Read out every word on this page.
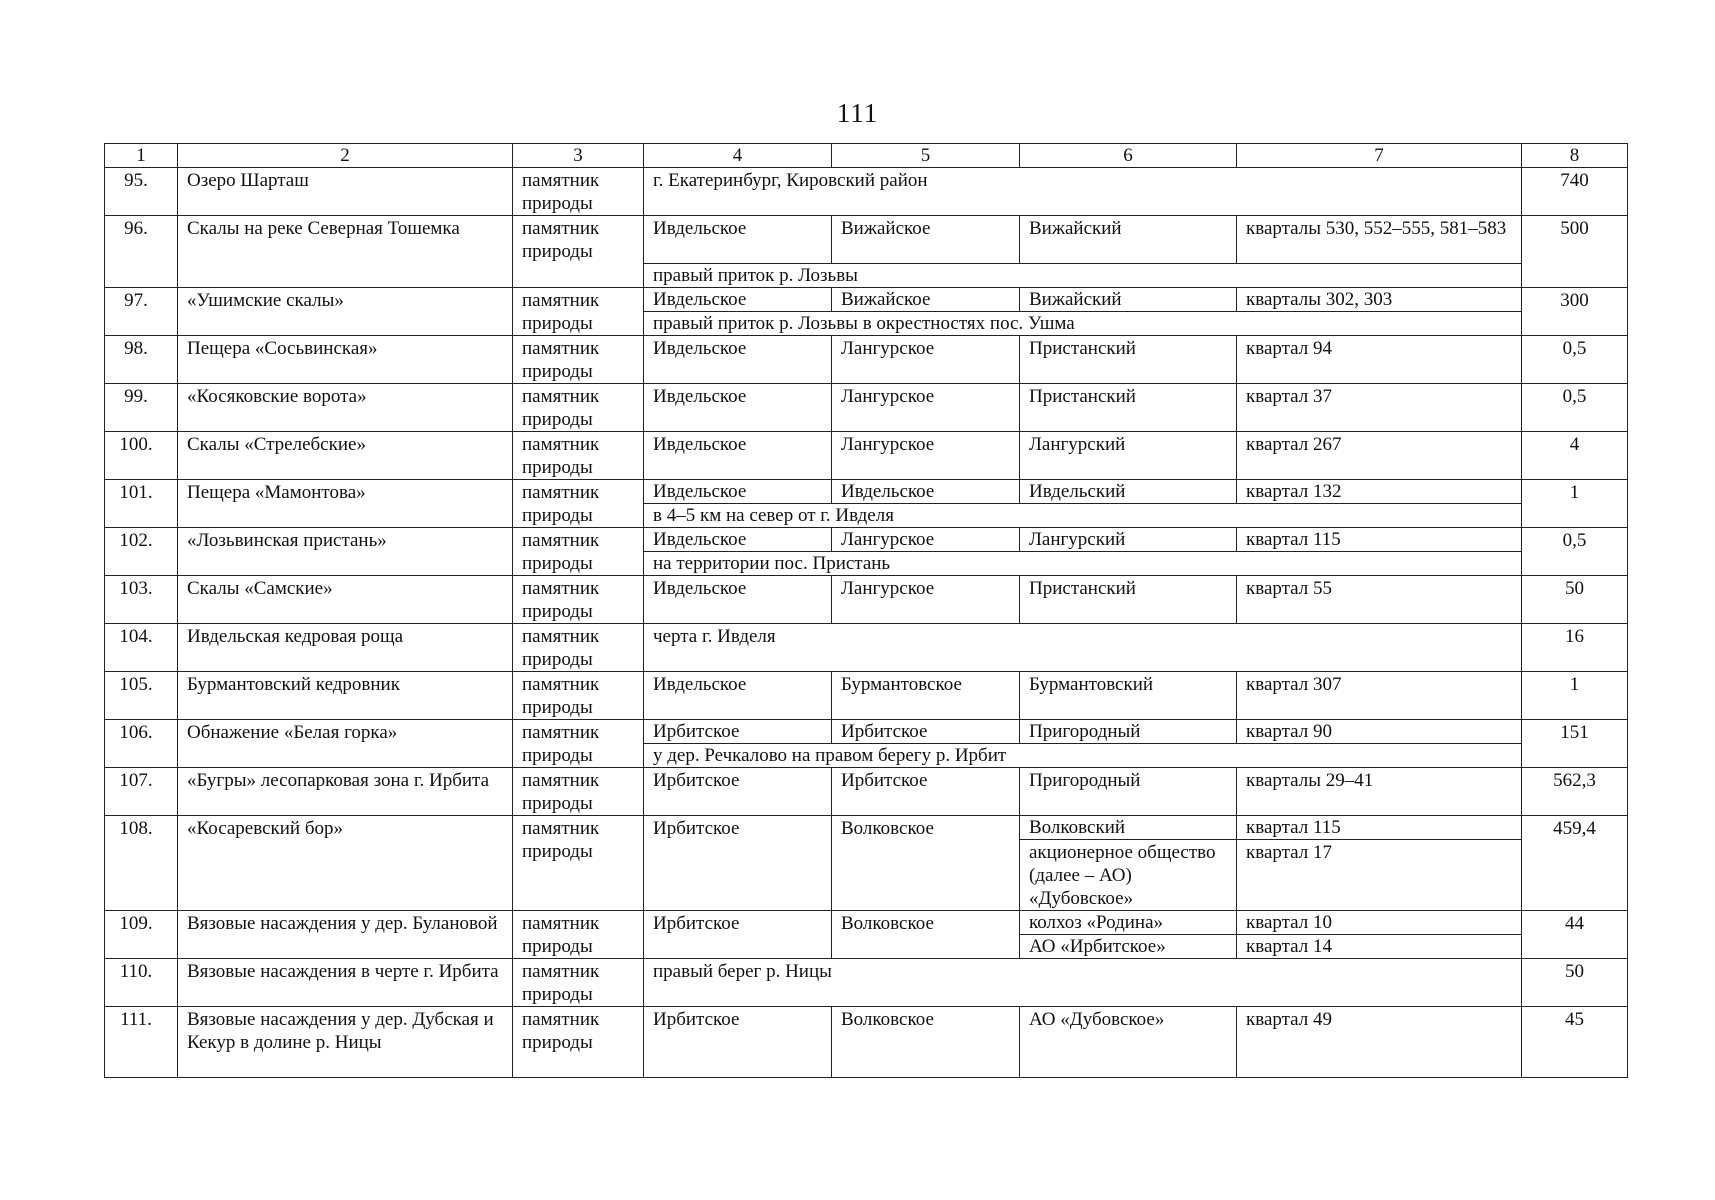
111
1	2	3	4	5	6	7	8
95.	Озеро Шарташ	памятник природы	г. Екатеринбург, Кировский район				740
96.	Скалы на реке Северная Тошемка	памятник природы	Ивдельское	Вижайское	Вижайский	кварталы 530, 552–555, 581–583	500
			правый приток р. Лозьвы				
97.	«Ушимские скалы»	памятник природы	Ивдельское	Вижайское	Вижайский	кварталы 302, 303	300
			правый приток р. Лозьвы в окрестностях пос. Ушма				
98.	Пещера «Сосьвинская»	памятник природы	Ивдельское	Лангурское	Пристанский	квартал 94	0,5
99.	«Косяковские ворота»	памятник природы	Ивдельское	Лангурское	Пристанский	квартал 37	0,5
100.	Скалы «Стрелебские»	памятник природы	Ивдельское	Лангурское	Лангурский	квартал 267	4
101.	Пещера «Мамонтова»	памятник природы	Ивдельское	Ивдельское	Ивдельский	квартал 132	1
			в 4–5 км на север от г. Ивделя				
102.	«Лозьвинская пристань»	памятник природы	Ивдельское	Лангурское	Лангурский	квартал 115	0,5
			на территории пос. Пристань				
103.	Скалы «Самские»	памятник природы	Ивдельское	Лангурское	Пристанский	квартал 55	50
104.	Ивдельская кедровая роща	памятник природы	черта г. Ивделя				16
105.	Бурмантовский кедровник	памятник природы	Ивдельское	Бурмантовское	Бурмантовский	квартал 307	1
106.	Обнажение «Белая горка»	памятник природы	Ирбитское	Ирбитское	Пригородный	квартал 90	151
			у дер. Речкалово на правом берегу р. Ирбит				
107.	«Бугры» лесопарковая зона г. Ирбита	памятник природы	Ирбитское	Ирбитское	Пригородный	кварталы 29–41	562,3
108.	«Косаревский бор»	памятник природы	Ирбитское	Волковское	Волковский	квартал 115	459,4
					акционерное общество (далее – АО) «Дубовское»	квартал 17	
109.	Вязовые насаждения у дер. Булановой	памятник природы	Ирбитское	Волковское	колхоз «Родина»	квартал 10	44
					АО «Ирбитское»	квартал 14	
110.	Вязовые насаждения в черте г. Ирбита	памятник природы	правый берег р. Ницы				50
111.	Вязовые насаждения у дер. Дубская и Кекур в долине р. Ницы	памятник природы	Ирбитское	Волковское	АО «Дубовское»	квартал 49	45
